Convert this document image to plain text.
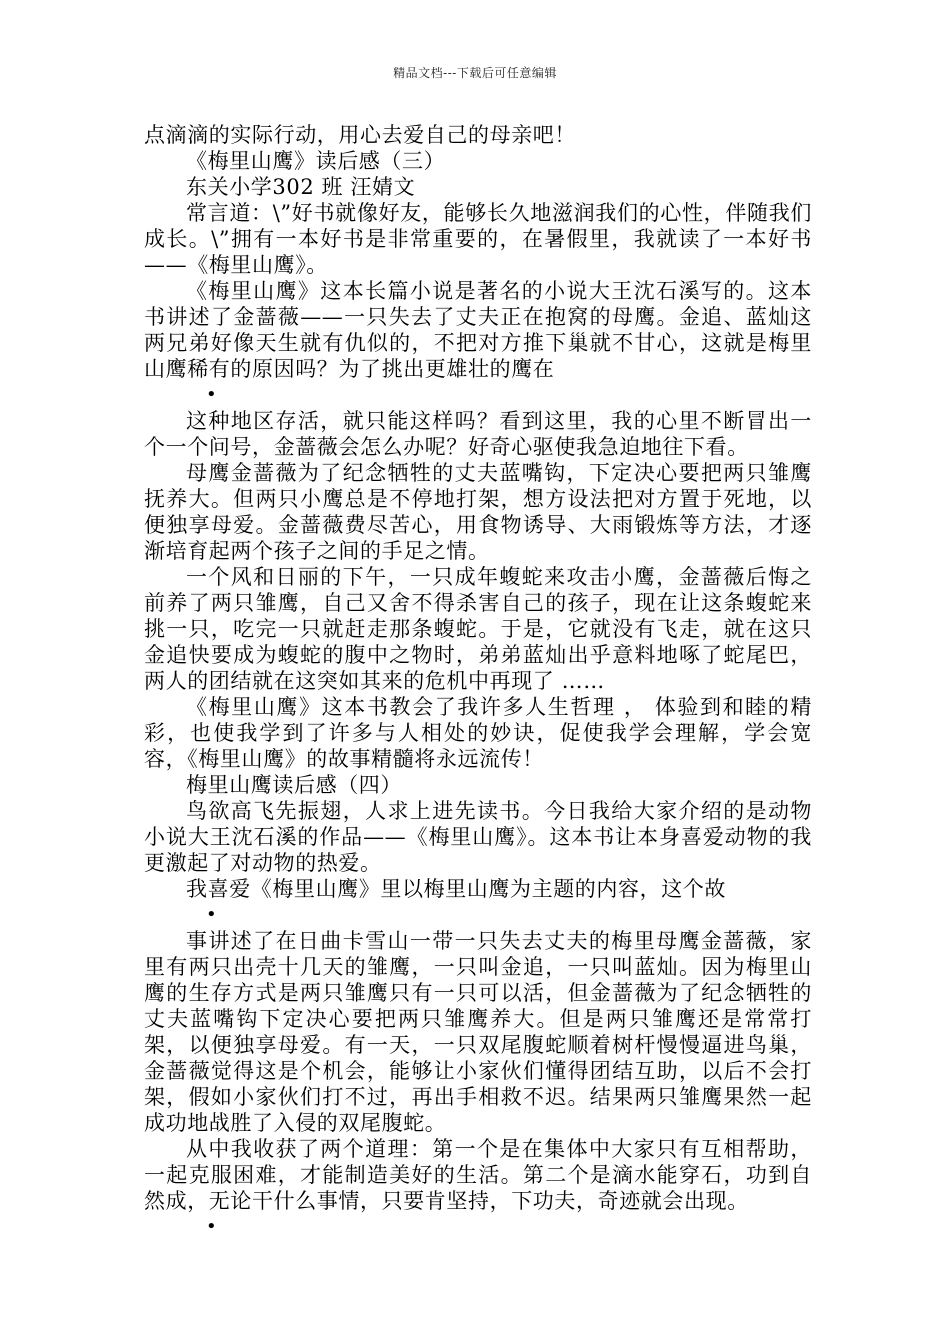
精品文档---下载后可任意编辑

点滴滴的实际行动，用心去爱自己的母亲吧！

《梅里山鹰》读后感（三）

东关小学302 班 汪婧文

常言道：\”好书就像好友，能够长久地滋润我们的心性，伴随我们成长。\”拥有一本好书是非常重要的，在暑假里，我就读了一本好书——《梅里山鹰》。

《梅里山鹰》这本长篇小说是著名的小说大王沈石溪写的。这本书讲述了金蔷薇——一只失去了丈夫正在抱窝的母鹰。金追、蓝灿这两兄弟好像天生就有仇似的，不把对方推下巢就不甘心，这就是梅里山鹰稀有的原因吗？为了挑出更雄壮的鹰在

•

这种地区存活，就只能这样吗？看到这里，我的心里不断冒出一个一个问号，金蔷薇会怎么办呢？好奇心驱使我急迫地往下看。

母鹰金蔷薇为了纪念牺牲的丈夫蓝嘴钩，下定决心要把两只雏鹰抚养大。但两只小鹰总是不停地打架，想方设法把对方置于死地，以便独享母爱。金蔷薇费尽苦心，用食物诱导、大雨锻炼等方法，才逐渐培育起两个孩子之间的手足之情。

一个风和日丽的下午，一只成年蝮蛇来攻击小鹰，金蔷薇后悔之前养了两只雏鹰，自己又舍不得杀害自己的孩子，现在让这条蝮蛇来挑一只，吃完一只就赶走那条蝮蛇。于是，它就没有飞走，就在这只金追快要成为蝮蛇的腹中之物时，弟弟蓝灿出乎意料地啄了蛇尾巴，两人的团结就在这突如其来的危机中再现了 ……

《梅里山鹰》这本书教会了我许多人生哲理 ， 体验到和睦的精彩，也使我学到了许多与人相处的妙诀，促使我学会理解，学会宽容，《梅里山鹰》的故事精髓将永远流传！

梅里山鹰读后感（四）

鸟欲高飞先振翅，人求上进先读书。今日我给大家介绍的是动物小说大王沈石溪的作品——《梅里山鹰》。这本书让本身喜爱动物的我更激起了对动物的热爱。

我喜爱《梅里山鹰》里以梅里山鹰为主题的内容，这个故

•

事讲述了在日曲卡雪山一带一只失去丈夫的梅里母鹰金蔷薇，家里有两只出壳十几天的雏鹰，一只叫金追，一只叫蓝灿。因为梅里山鹰的生存方式是两只雏鹰只有一只可以活，但金蔷薇为了纪念牺牲的丈夫蓝嘴钩下定决心要把两只雏鹰养大。但是两只雏鹰还是常常打架，以便独享母爱。有一天，一只双尾腹蛇顺着树杆慢慢逼进鸟巢，金蔷薇觉得这是个机会，能够让小家伙们懂得团结互助，以后不会打架，假如小家伙们打不过，再出手相救不迟。结果两只雏鹰果然一起成功地战胜了入侵的双尾腹蛇。

从中我收获了两个道理：第一个是在集体中大家只有互相帮助，一起克服困难，才能制造美好的生活。第二个是滴水能穿石，功到自然成，无论干什么事情，只要肯坚持，下功夫，奇迹就会出现。

•
